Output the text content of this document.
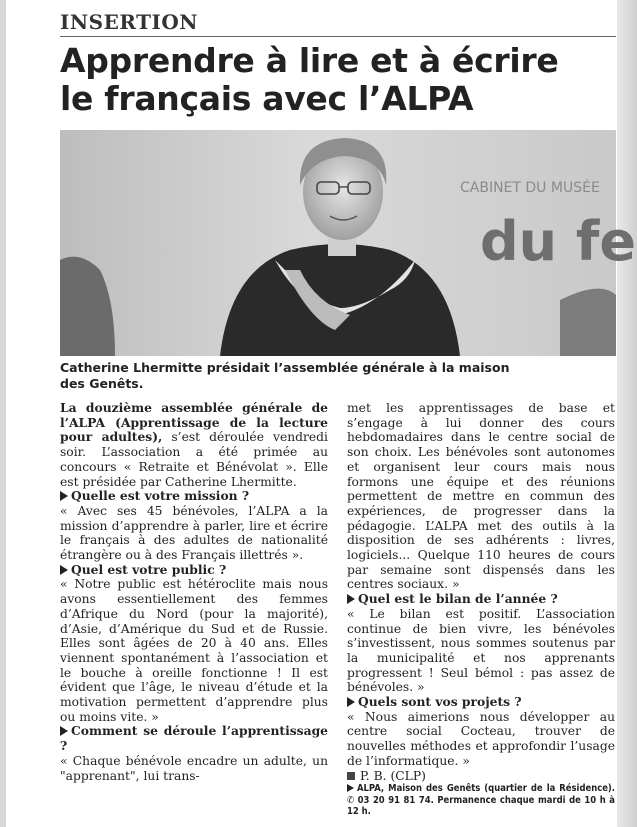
INSERTION
Apprendre à lire et à écrire
le français avec l’ALPA
CABINET DU MUSÉE
du fe
Catherine Lhermitte présidait l’assemblée générale à la maison
des Genêts.

La douzième assemblée générale de l’ALPA (Apprentissage de la lecture pour adultes), s’est déroulée vendredi soir. L’association a été primée au concours « Retraite et Bénévolat ». Elle est présidée par Catherine Lhermitte.

Quelle est votre mission ?

« Avec ses 45 bénévoles, l’ALPA a la mission d’apprendre à parler, lire et écrire le français à des adultes de nationalité étrangère ou à des Français illettrés ».

Quel est votre public ?

« Notre public est hétéroclite mais nous avons essentiellement des femmes d’Afrique du Nord (pour la majorité), d’Asie, d’Amérique du Sud et de Russie. Elles sont âgées de 20 à 40 ans. Elles viennent spontanément à l’association et le bouche à oreille fonctionne ! Il est évident que l’âge, le niveau d’étude et la motivation permettent d’apprendre plus ou moins vite. »

Comment se déroule l’apprentissage ?

« Chaque bénévole encadre un adulte, un "apprenant", lui trans-

met les apprentissages de base et s’engage à lui donner des cours hebdomadaires dans le centre social de son choix. Les bénévoles sont autonomes et organisent leur cours mais nous formons une équipe et des réunions permettent de mettre en commun des expériences, de progresser dans la pédagogie. L’ALPA met des outils à la disposition de ses adhérents : livres, logiciels... Quelque 110 heures de cours par semaine sont dispensés dans les centres sociaux. »

Quel est le bilan de l’année ?

« Le bilan est positif. L’association continue de bien vivre, les bénévoles s’investissent, nous sommes soutenus par la municipalité et nos apprenants progressent ! Seul bémol : pas assez de bénévoles. »

Quels sont vos projets ?

« Nous aimerions nous développer au centre social Cocteau, trouver de nouvelles méthodes et approfondir l’usage de l’informatique. »

P. B. (CLP)

ALPA, Maison des Genêts (quartier de la Résidence). ✆ 03 20 91 81 74. Permanence chaque mardi de 10 h à 12 h.
